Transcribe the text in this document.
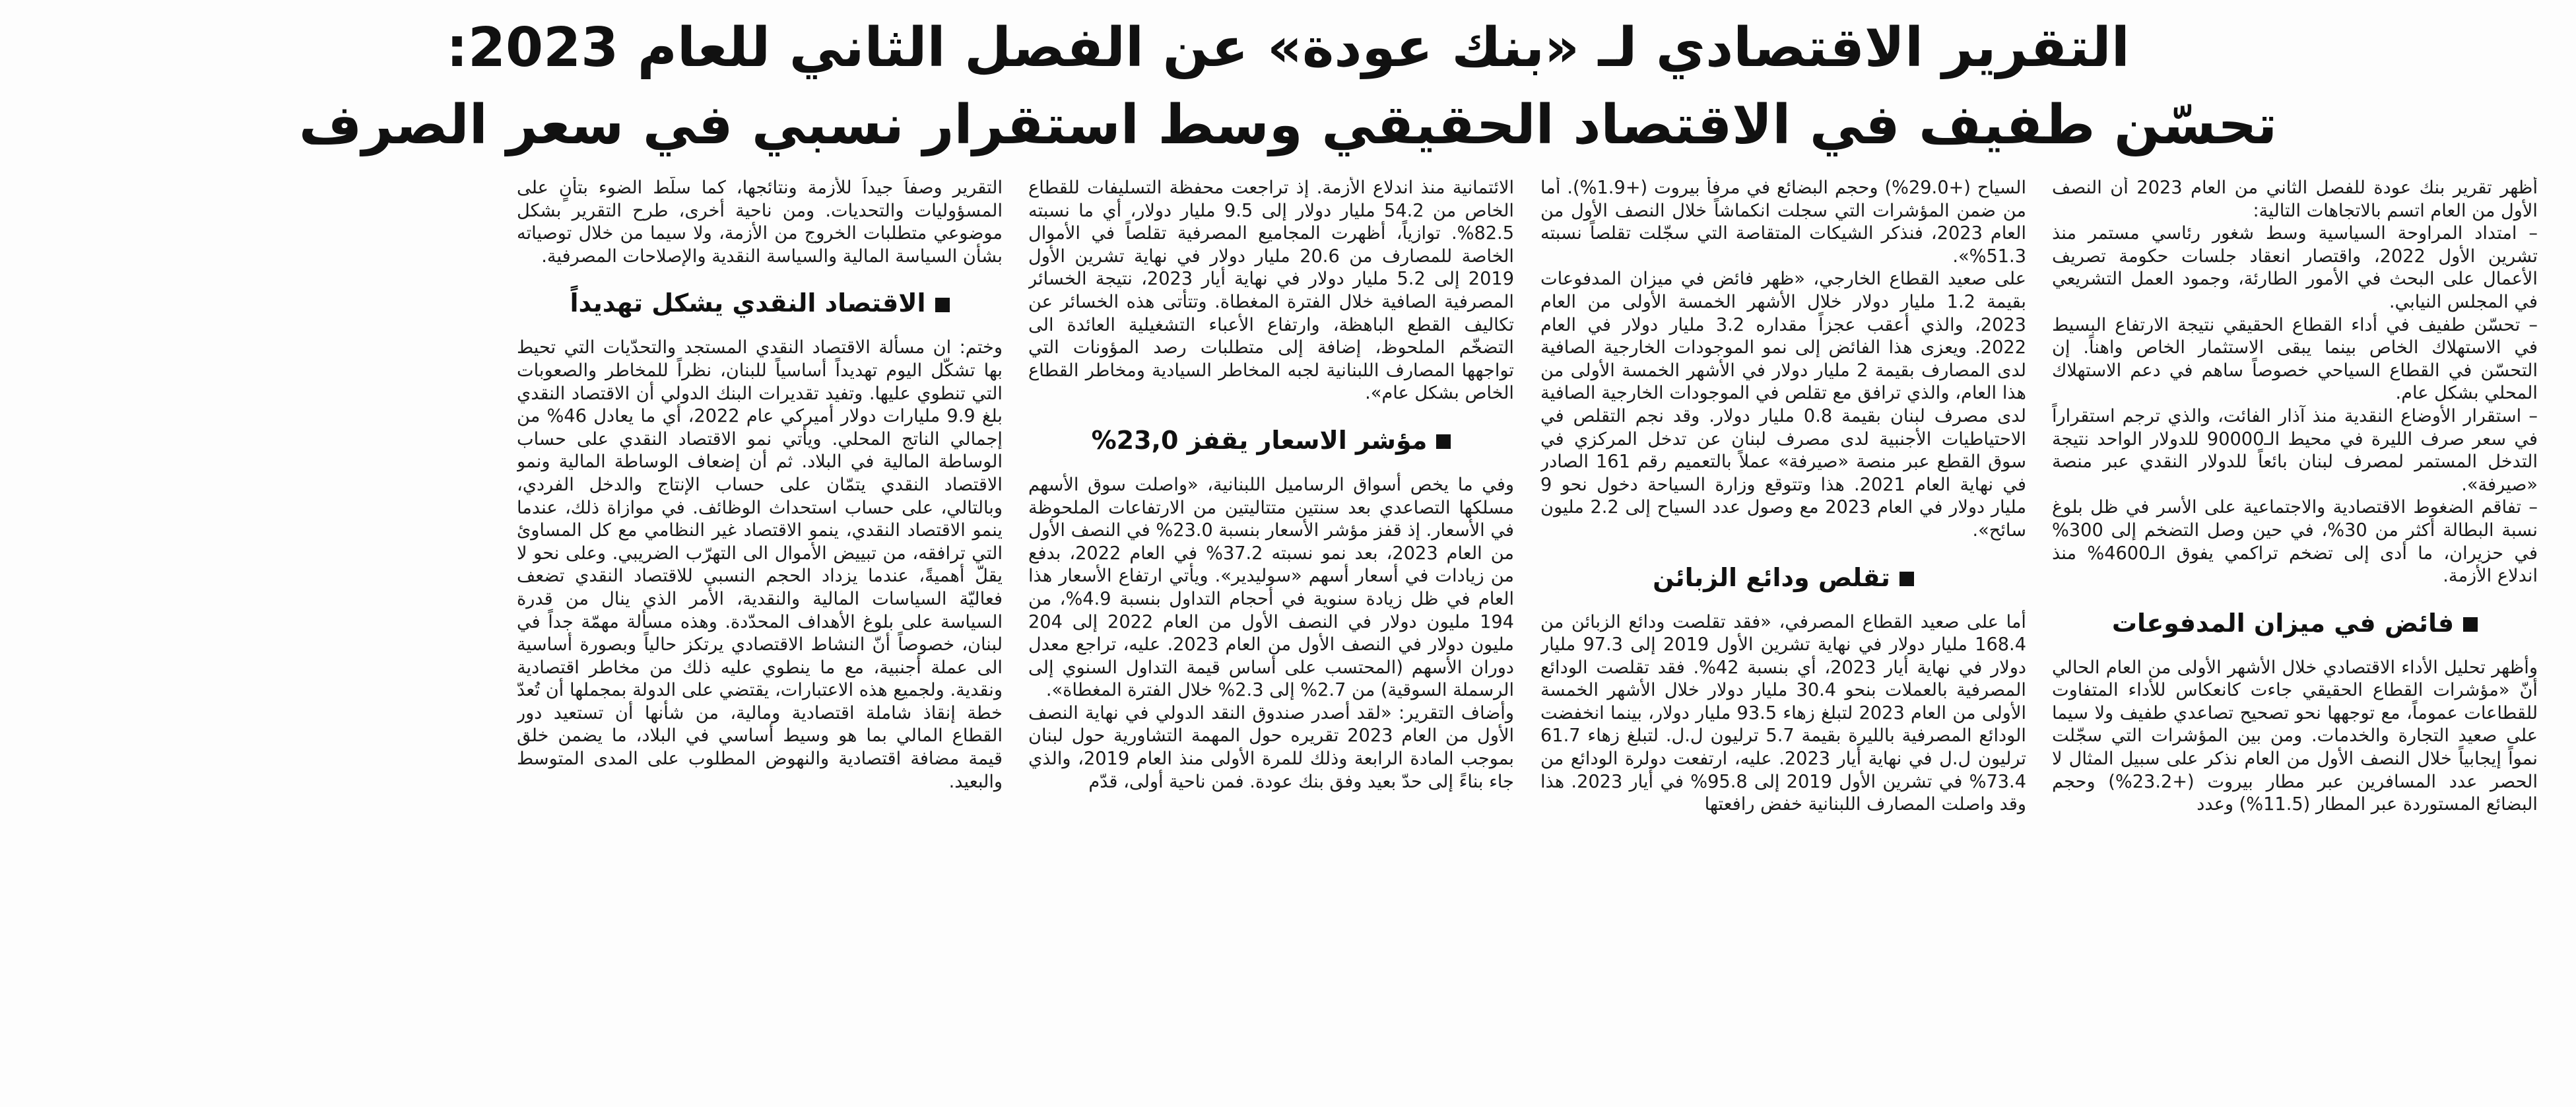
التقرير الاقتصادي لـ «بنك عودة» عن الفصل الثاني للعام 2023:
تحسّن طفيف في الاقتصاد الحقيقي وسط استقرار نسبي في سعر الصرف

أظهر تقرير بنك عودة للفصل الثاني من العام 2023 أن النصف الأول من العام اتسم بالاتجاهات التالية:

– امتداد المراوحة السياسية وسط شغور رئاسي مستمر منذ تشرين الأول 2022، واقتصار انعقاد جلسات حكومة تصريف الأعمال على البحث في الأمور الطارئة، وجمود العمل التشريعي في المجلس النيابي.

– تحسّن طفيف في أداء القطاع الحقيقي نتيجة الارتفاع البسيط في الاستهلاك الخاص بينما يبقى الاستثمار الخاص واهناً. إن التحسّن في القطاع السياحي خصوصاً ساهم في دعم الاستهلاك المحلي بشكل عام.

– استقرار الأوضاع النقدية منذ آذار الفائت، والذي ترجم استقراراً في سعر صرف الليرة في محيط الـ90000 للدولار الواحد نتيجة التدخل المستمر لمصرف لبنان بائعاً للدولار النقدي عبر منصة «صيرفة».

– تفاقم الضغوط الاقتصادية والاجتماعية على الأسر في ظل بلوغ نسبة البطالة أكثر من 30%، في حين وصل التضخم إلى 300% في حزيران، ما أدى إلى تضخم تراكمي يفوق الـ4600% منذ اندلاع الأزمة.

فائض في ميزان المدفوعات

وأظهر تحليل الأداء الاقتصادي خلال الأشهر الأولى من العام الحالي أنّ «مؤشرات القطاع الحقيقي جاءت كانعكاس للأداء المتفاوت للقطاعات عموماً، مع توجهها نحو تصحيح تصاعدي طفيف ولا سيما على صعيد التجارة والخدمات. ومن بين المؤشرات التي سجّلت نمواً إيجابياً خلال النصف الأول من العام نذكر على سبيل المثال لا الحصر عدد المسافرين عبر مطار بيروت (+23.2%) وحجم البضائع المستوردة عبر المطار (11.5%) وعدد

السياح (+29.0%) وحجم البضائع في مرفأ بيروت (+1.9%). أما من ضمن المؤشرات التي سجلت انكماشاً خلال النصف الأول من العام 2023، فنذكر الشيكات المتقاصة التي سجّلت تقلصاً نسبته 51.3%».

على صعيد القطاع الخارجي، «ظهر فائض في ميزان المدفوعات بقيمة 1.2 مليار دولار خلال الأشهر الخمسة الأولى من العام 2023، والذي أعقب عجزاً مقداره 3.2 مليار دولار في العام 2022. ويعزى هذا الفائض إلى نمو الموجودات الخارجية الصافية لدى المصارف بقيمة 2 مليار دولار في الأشهر الخمسة الأولى من هذا العام، والذي ترافق مع تقلص في الموجودات الخارجية الصافية لدى مصرف لبنان بقيمة 0.8 مليار دولار. وقد نجم التقلص في الاحتياطيات الأجنبية لدى مصرف لبنان عن تدخل المركزي في سوق القطع عبر منصة «صيرفة» عملاً بالتعميم رقم 161 الصادر في نهاية العام 2021. هذا وتتوقع وزارة السياحة دخول نحو 9 مليار دولار في العام 2023 مع وصول عدد السياح إلى 2.2 مليون سائح».

تقلص ودائع الزبائن

أما على صعيد القطاع المصرفي، «فقد تقلصت ودائع الزبائن من 168.4 مليار دولار في نهاية تشرين الأول 2019 إلى 97.3 مليار دولار في نهاية أيار 2023، أي بنسبة 42%. فقد تقلصت الودائع المصرفية بالعملات بنحو 30.4 مليار دولار خلال الأشهر الخمسة الأولى من العام 2023 لتبلغ زهاء 93.5 مليار دولار، بينما انخفضت الودائع المصرفية بالليرة بقيمة 5.7 ترليون ل.ل. لتبلغ زهاء 61.7 ترليون ل.ل في نهاية أيار 2023. عليه، ارتفعت دولرة الودائع من 73.4% في تشرين الأول 2019 إلى 95.8% في أيار 2023. هذا وقد واصلت المصارف اللبنانية خفض رافعتها

الائتمانية منذ اندلاع الأزمة. إذ تراجعت محفظة التسليفات للقطاع الخاص من 54.2 مليار دولار إلى 9.5 مليار دولار، أي ما نسبته 82.5%. توازياً، أظهرت المجاميع المصرفية تقلصاً في الأموال الخاصة للمصارف من 20.6 مليار دولار في نهاية تشرين الأول 2019 إلى 5.2 مليار دولار في نهاية أيار 2023، نتيجة الخسائر المصرفية الصافية خلال الفترة المغطاة. وتتأتى هذه الخسائر عن تكاليف القطع الباهظة، وارتفاع الأعباء التشغيلية العائدة الى التضخّم الملحوظ، إضافة إلى متطلبات رصد المؤونات التي تواجهها المصارف اللبنانية لجبه المخاطر السيادية ومخاطر القطاع الخاص بشكل عام».

مؤشر الاسعار يقفز 23,0%

وفي ما يخص أسواق الرساميل اللبنانية، «واصلت سوق الأسهم مسلكها التصاعدي بعد سنتين متتاليتين من الارتفاعات الملحوظة في الأسعار. إذ قفز مؤشر الأسعار بنسبة 23.0% في النصف الأول من العام 2023، بعد نمو نسبته 37.2% في العام 2022، بدفع من زيادات في أسعار أسهم «سوليدير». ويأتي ارتفاع الأسعار هذا العام في ظل زيادة سنوية في أحجام التداول بنسبة 4.9%، من 194 مليون دولار في النصف الأول من العام 2022 إلى 204 مليون دولار في النصف الأول من العام 2023. عليه، تراجع معدل دوران الأسهم (المحتسب على أساس قيمة التداول السنوي إلى الرسملة السوقية) من 2.7% إلى 2.3% خلال الفترة المغطاة».

وأضاف التقرير: «لقد أصدر صندوق النقد الدولي في نهاية النصف الأول من العام 2023 تقريره حول المهمة التشاورية حول لبنان بموجب المادة الرابعة وذلك للمرة الأولى منذ العام 2019، والذي جاء بناءً إلى حدّ بعيد وفق بنك عودة. فمن ناحية أولى، قدّم

التقرير وصفاً جيداً للأزمة ونتائجها، كما سلّط الضوء بتأنٍ على المسؤوليات والتحديات. ومن ناحية أخرى، طرح التقرير بشكل موضوعي متطلبات الخروج من الأزمة، ولا سيما من خلال توصياته بشأن السياسة المالية والسياسة النقدية والإصلاحات المصرفية.

الاقتصاد النقدي يشكل تهديداً

وختم: ان مسألة الاقتصاد النقدي المستجد والتحدّيات التي تحيط بها تشكّل اليوم تهديداً أساسياً للبنان، نظراً للمخاطر والصعوبات التي تنطوي عليها. وتفيد تقديرات البنك الدولي أن الاقتصاد النقدي بلغ 9.9 مليارات دولار أميركي عام 2022، أي ما يعادل 46% من إجمالي الناتج المحلي. ويأتي نمو الاقتصاد النقدي على حساب الوساطة المالية في البلاد. ثم أن إضعاف الوساطة المالية ونمو الاقتصاد النقدي يتمّان على حساب الإنتاج والدخل الفردي، وبالتالي، على حساب استحداث الوظائف. في موازاة ذلك، عندما ينمو الاقتصاد النقدي، ينمو الاقتصاد غير النظامي مع كل المساوئ التي ترافقه، من تبييض الأموال الى التهرّب الضريبي. وعلى نحو لا يقلّ أهميةً، عندما يزداد الحجم النسبي للاقتصاد النقدي تضعف فعاليّة السياسات المالية والنقدية، الأمر الذي ينال من قدرة السياسة على بلوغ الأهداف المحدّدة. وهذه مسألة مهمّة جداً في لبنان، خصوصاً أنّ النشاط الاقتصادي يرتكز حالياً وبصورة أساسية الى عملة أجنبية، مع ما ينطوي عليه ذلك من مخاطر اقتصادية ونقدية. ولجميع هذه الاعتبارات، يقتضي على الدولة بمجملها أن تُعدّ خطة إنقاذ شاملة اقتصادية ومالية، من شأنها أن تستعيد دور القطاع المالي بما هو وسيط أساسي في البلاد، ما يضمن خلق قيمة مضافة اقتصادية والنهوض المطلوب على المدى المتوسط والبعيد.
